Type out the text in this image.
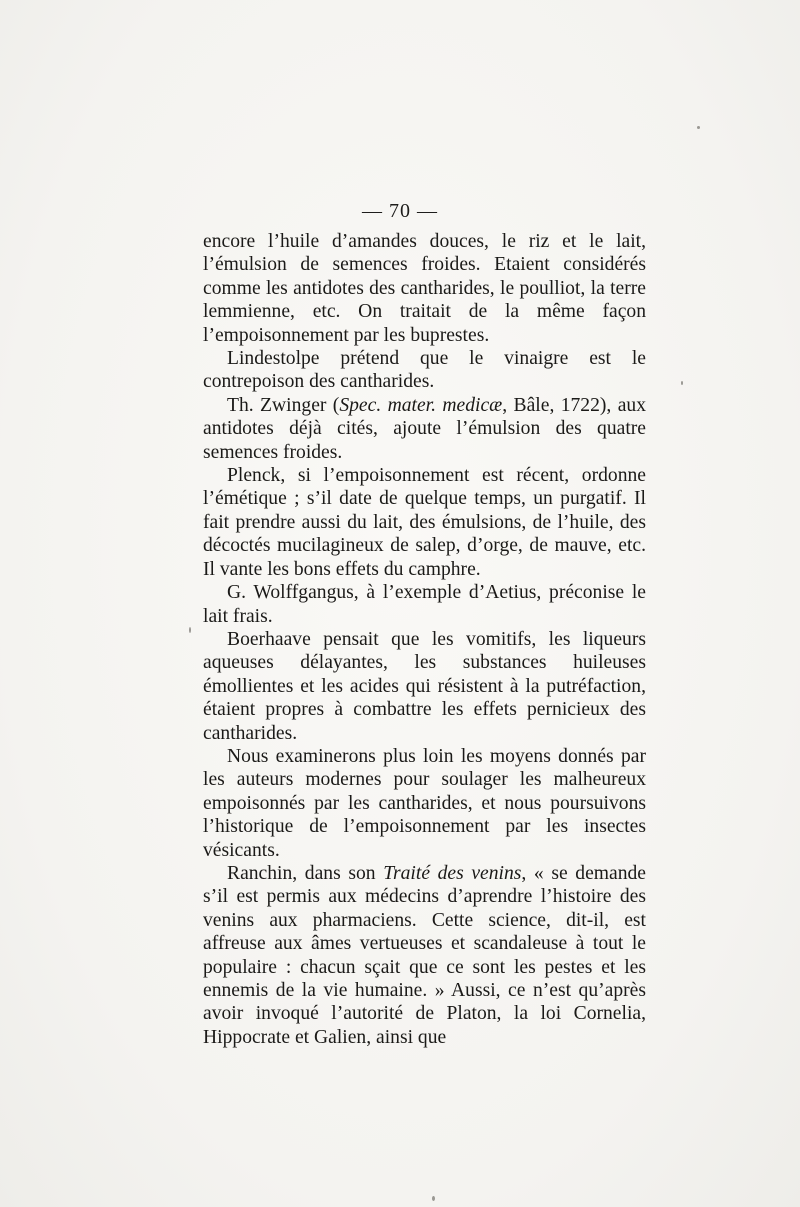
— 70 —

encore l’huile d’amandes douces, le riz et le lait, l’émulsion de semences froides. Etaient considérés comme les antidotes des cantharides, le poulliot, la terre lemmienne, etc. On traitait de la même façon l’empoisonnement par les buprestes.

Lindestolpe prétend que le vinaigre est le contrepoison des cantharides.

Th. Zwinger (Spec. mater. medicæ, Bâle, 1722), aux antidotes déjà cités, ajoute l’émulsion des quatre semences froides.

Plenck, si l’empoisonnement est récent, ordonne l’émétique ; s’il date de quelque temps, un purgatif. Il fait prendre aussi du lait, des émulsions, de l’huile, des décoctés mucilagineux de salep, d’orge, de mauve, etc. Il vante les bons effets du camphre.

G. Wolffgangus, à l’exemple d’Aetius, préconise le lait frais.

Boerhaave pensait que les vomitifs, les liqueurs aqueuses délayantes, les substances huileuses émollientes et les acides qui résistent à la putréfaction, étaient propres à combattre les effets pernicieux des cantharides.

Nous examinerons plus loin les moyens donnés par les auteurs modernes pour soulager les malheureux empoisonnés par les cantharides, et nous poursuivons l’historique de l’empoisonnement par les insectes vésicants.

Ranchin, dans son Traité des venins, « se demande s’il est permis aux médecins d’aprendre l’histoire des venins aux pharmaciens. Cette science, dit-il, est affreuse aux âmes vertueuses et scandaleuse à tout le populaire : chacun sçait que ce sont les pestes et les ennemis de la vie humaine. » Aussi, ce n’est qu’après avoir invoqué l’autorité de Platon, la loi Cornelia, Hippocrate et Galien, ainsi que
